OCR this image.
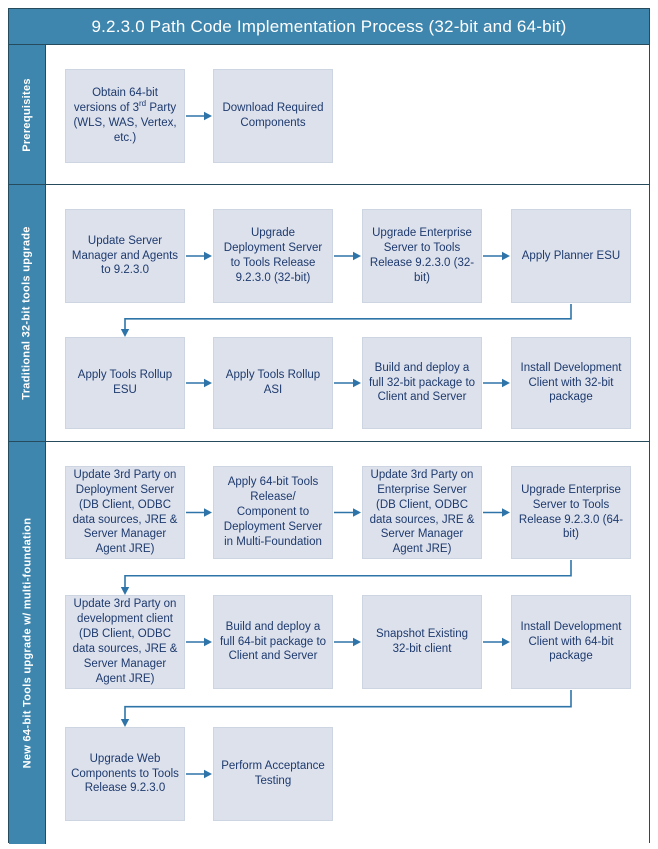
9.2.3.0 Path Code Implementation Process (32-bit and 64-bit)
Prerequisites	Obtain 64-bit versions of 3rd Party (WLS, WAS, Vertex, etc.)
Download Required Components
Traditional 32-bit tools upgrade	Update Server Manager and Agents to 9.2.3.0
Upgrade Deployment Server to Tools Release 9.2.3.0 (32-bit)
Upgrade Enterprise Server to Tools Release 9.2.3.0 (32-bit)
Apply Planner ESU
Apply Tools Rollup ESU
Apply Tools Rollup ASI
Build and deploy a full 32-bit package to Client and Server
Install Development Client with 32-bit package
New 64-bit Tools upgrade w/ multi-foundation
Update 3rd Party on Deployment Server (DB Client, ODBC data sources, JRE & Server Manager Agent JRE)
Apply 64-bit Tools Release/ Component to Deployment Server in Multi-Foundation
Update 3rd Party on Enterprise Server (DB Client, ODBC data sources, JRE & Server Manager Agent JRE)
Upgrade Enterprise Server to Tools Release 9.2.3.0 (64-bit)
Update 3rd Party on development client (DB Client, ODBC data sources, JRE & Server Manager Agent JRE)
Build and deploy a full 64-bit package to Client and Server
Snapshot Existing 32-bit client
Install Development Client with 64-bit package
Upgrade Web Components to Tools Release 9.2.3.0
Perform Acceptance Testing
